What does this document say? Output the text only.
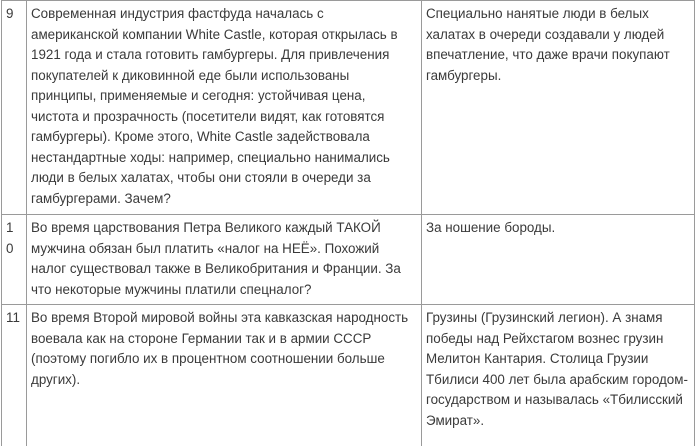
9	Современная индустрия фастфуда началась с американской компании White Castle, которая открылась в 1921 года и стала готовить гамбургеры. Для привлечения покупателей к диковинной еде были использованы принципы, применяемые и сегодня: устойчивая цена, чистота и прозрачность (посетители видят, как готовятся гамбургеры). Кроме этого, White Castle задействовала нестандартные ходы: например, специально нанимались люди в белых халатах, чтобы они стояли в очереди за гамбургерами. Зачем?	Специально нанятые люди в белых халатах в очереди создавали у людей впечатление, что даже врачи покупают гамбургеры.

10	Во время царствования Петра Великого каждый ТАКОЙ мужчина обязан был платить «налог на НЕЁ». Похожий налог существовал также в Великобритания и Франции. За что некоторые мужчины платили спецналог?	За ношение бороды.

11	Во время Второй мировой войны эта кавказская народность воевала как на стороне Германии так и в армии СССР (поэтому погибло их в процентном соотношении больше других).	Грузины (Грузинский легион). А знамя победы над Рейхстагом вознес грузин Мелитон Кантария. Столица Грузии Тбилиси 400 лет была арабским городом-государством и называлась «Тбилисский Эмират».
